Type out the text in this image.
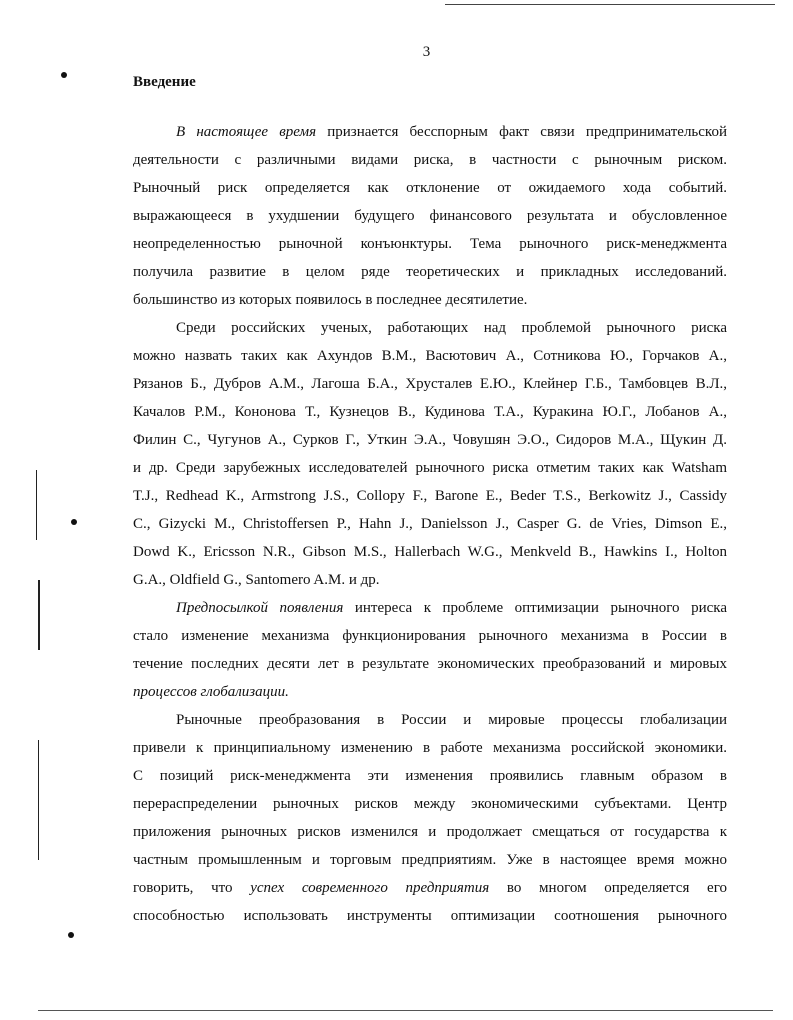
3
Введение
В настоящее время признается бесспорным факт связи предпринимательской
деятельности с различными видами риска, в частности с рыночным риском.
Рыночный риск определяется как отклонение от ожидаемого хода событий.
выражающееся в ухудшении будущего финансового результата и обусловленное
неопределенностью рыночной конъюнктуры. Тема рыночного риск-менеджмента
получила развитие в целом ряде теоретических и прикладных исследований.
большинство из которых появилось в последнее десятилетие.
Среди российских ученых, работающих над проблемой рыночного риска
можно назвать таких как Ахундов В.М., Васютович А., Сотникова Ю., Горчаков А.,
Рязанов Б., Дубров А.М., Лагоша Б.А., Хрусталев Е.Ю., Клейнер Г.Б., Тамбовцев В.Л.,
Качалов Р.М., Кононова Т., Кузнецов В., Кудинова Т.А., Куракина Ю.Г., Лобанов А.,
Филин С., Чугунов А., Сурков Г., Уткин Э.А., Човушян Э.О., Сидоров М.А., Щукин Д.
и др. Среди зарубежных исследователей рыночного риска отметим таких как Watsham
T.J., Redhead K., Armstrong J.S., Collopy F., Barone E., Beder T.S., Berkowitz J., Cassidy
C., Gizycki M., Christoffersen P., Hahn J., Danielsson J., Casper G. de Vries, Dimson E.,
Dowd K., Ericsson N.R., Gibson M.S., Hallerbach W.G., Menkveld B., Hawkins I., Holton
G.A., Oldfield G., Santomero A.M. и др.
Предпосылкой появления интереса к проблеме оптимизации рыночного риска
стало изменение механизма функционирования рыночного механизма в России в
течение последних десяти лет в результате экономических преобразований и мировых
процессов глобализации.
Рыночные преобразования в России и мировые процессы глобализации
привели к принципиальному изменению в работе механизма российской экономики.
С позиций риск-менеджмента эти изменения проявились главным образом в
перераспределении рыночных рисков между экономическими субъектами. Центр
приложения рыночных рисков изменился и продолжает смещаться от государства к
частным промышленным и торговым предприятиям. Уже в настоящее время можно
говорить, что успех современного предприятия во многом определяется его
способностью использовать инструменты оптимизации соотношения рыночного
